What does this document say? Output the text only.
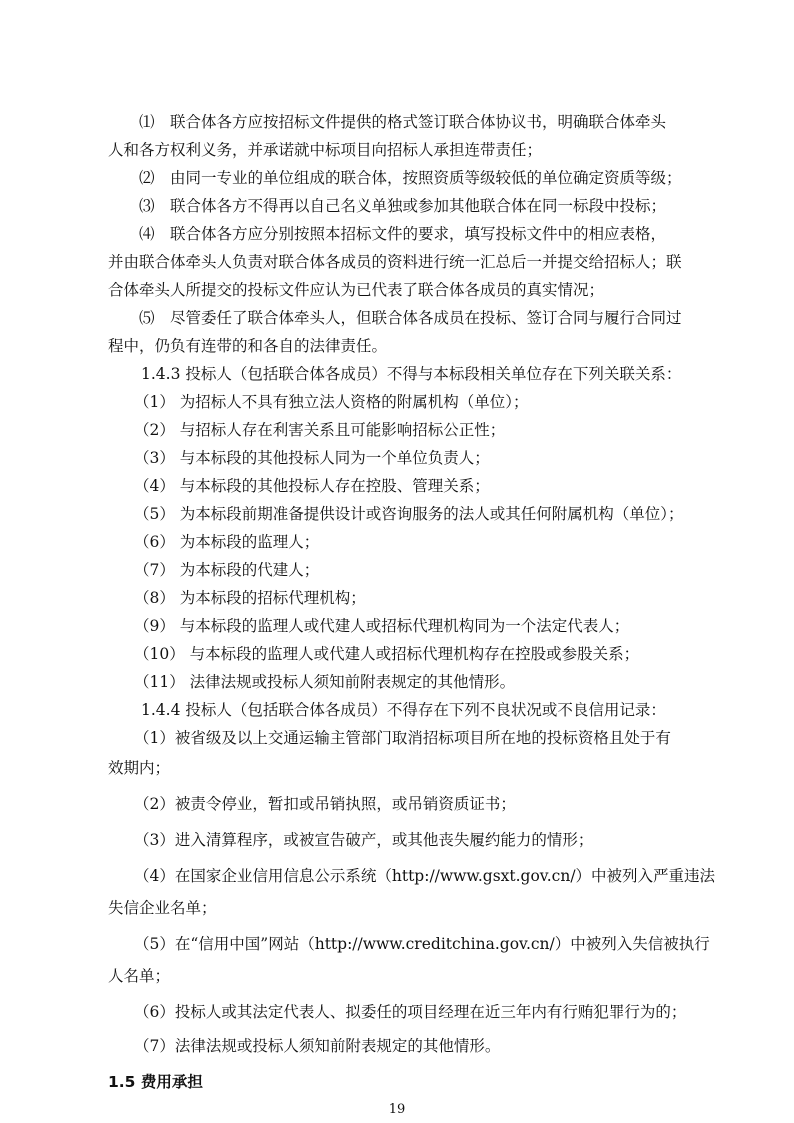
⑴　联合体各方应按招标文件提供的格式签订联合体协议书，明确联合体牵头
人和各方权利义务，并承诺就中标项目向招标人承担连带责任；
⑵　由同一专业的单位组成的联合体，按照资质等级较低的单位确定资质等级；
⑶　联合体各方不得再以自己名义单独或参加其他联合体在同一标段中投标；
⑷　联合体各方应分别按照本招标文件的要求，填写投标文件中的相应表格，
并由联合体牵头人负责对联合体各成员的资料进行统一汇总后一并提交给招标人；联
合体牵头人所提交的投标文件应认为已代表了联合体各成员的真实情况；
⑸　尽管委任了联合体牵头人，但联合体各成员在投标、签订合同与履行合同过
程中，仍负有连带的和各自的法律责任。
1.4.3 投标人（包括联合体各成员）不得与本标段相关单位存在下列关联关系：
（1） 为招标人不具有独立法人资格的附属机构（单位）；
（2） 与招标人存在利害关系且可能影响招标公正性；
（3） 与本标段的其他投标人同为一个单位负责人；
（4） 与本标段的其他投标人存在控股、管理关系；
（5） 为本标段前期准备提供设计或咨询服务的法人或其任何附属机构（单位）；
（6） 为本标段的监理人；
（7） 为本标段的代建人；
（8） 为本标段的招标代理机构；
（9） 与本标段的监理人或代建人或招标代理机构同为一个法定代表人；
（10） 与本标段的监理人或代建人或招标代理机构存在控股或参股关系；
（11） 法律法规或投标人须知前附表规定的其他情形。
1.4.4 投标人（包括联合体各成员）不得存在下列不良状况或不良信用记录：
（1）被省级及以上交通运输主管部门取消招标项目所在地的投标资格且处于有
效期内；
（2）被责令停业，暂扣或吊销执照，或吊销资质证书；
（3）进入清算程序，或被宣告破产，或其他丧失履约能力的情形；
（4）在国家企业信用信息公示系统（http://www.gsxt.gov.cn/）中被列入严重违法
失信企业名单；
（5）在“信用中国”网站（http://www.creditchina.gov.cn/）中被列入失信被执行
人名单；
（6）投标人或其法定代表人、拟委任的项目经理在近三年内有行贿犯罪行为的；
（7）法律法规或投标人须知前附表规定的其他情形。
1.5 费用承担
19
